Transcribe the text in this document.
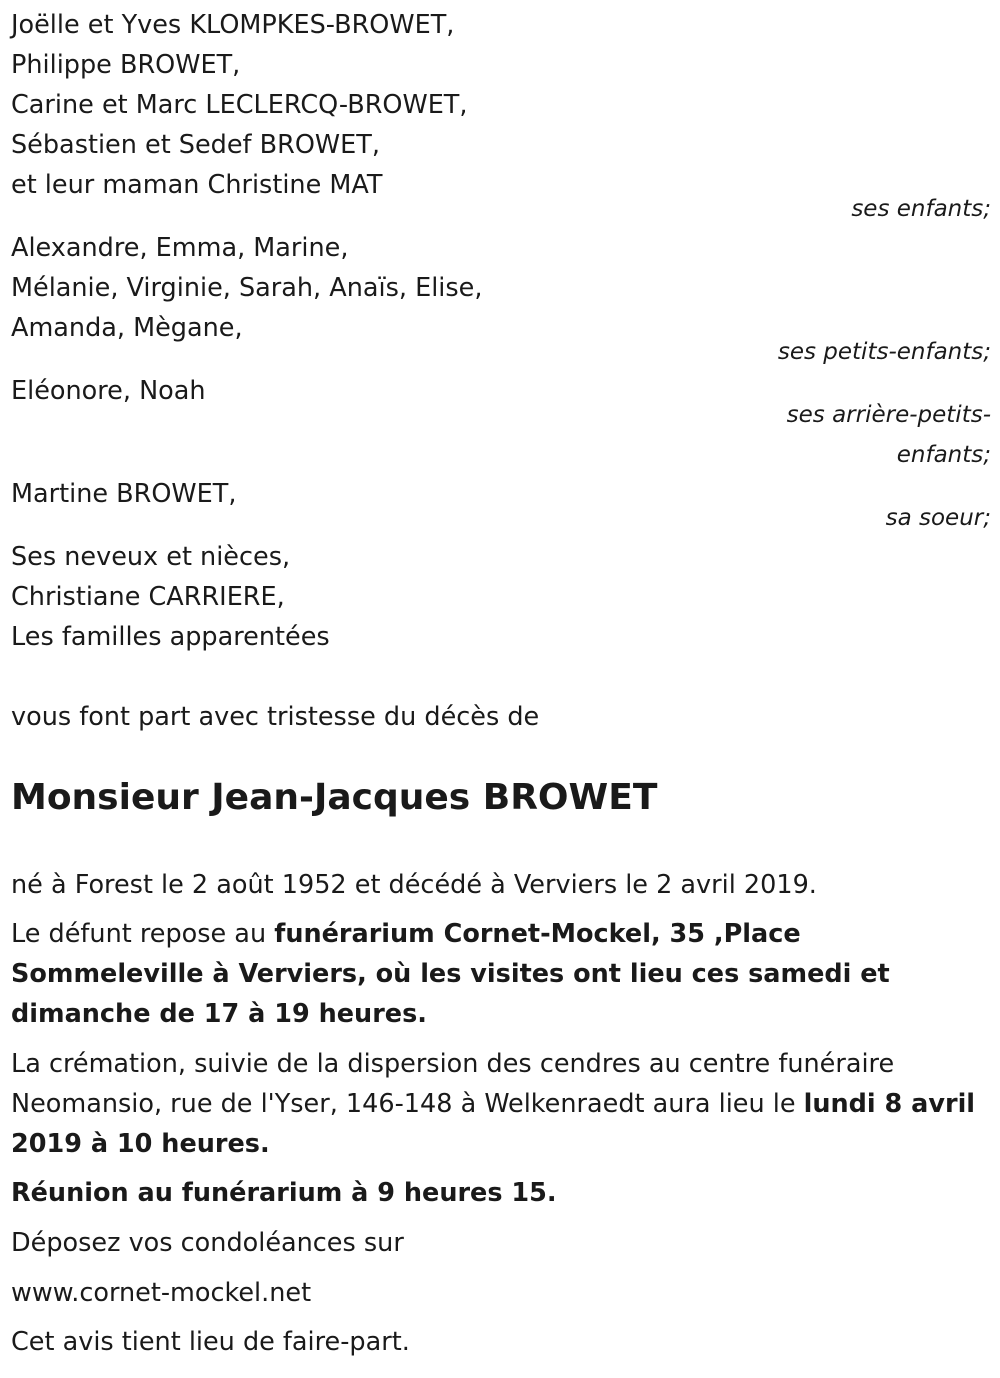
Joëlle et Yves KLOMPKES-BROWET,
Philippe BROWET,
Carine et Marc LECLERCQ-BROWET,
Sébastien et Sedef BROWET,
et leur maman Christine MAT
ses enfants;
Alexandre, Emma, Marine,
Mélanie, Virginie, Sarah, Anaïs, Elise,
Amanda, Mègane,
ses petits-enfants;
Eléonore, Noah
ses arrière-petits-
enfants;
Martine BROWET,
sa soeur;
Ses neveux et nièces,
Christiane CARRIERE,
Les familles apparentées
vous font part avec tristesse du décès de
Monsieur Jean-Jacques BROWET
né à Forest le 2 août 1952 et décédé à Verviers le 2 avril 2019.
Le défunt repose au funérarium Cornet-Mockel, 35 ,Place Sommeleville à Verviers, où les visites ont lieu ces samedi et dimanche de 17 à 19 heures.
La crémation, suivie de la dispersion des cendres au centre funéraire Neomansio, rue de l'Yser, 146-148 à Welkenraedt aura lieu le lundi 8 avril 2019 à 10 heures.
Réunion au funérarium à 9 heures 15.
Déposez vos condoléances sur
www.cornet-mockel.net
Cet avis tient lieu de faire-part.
